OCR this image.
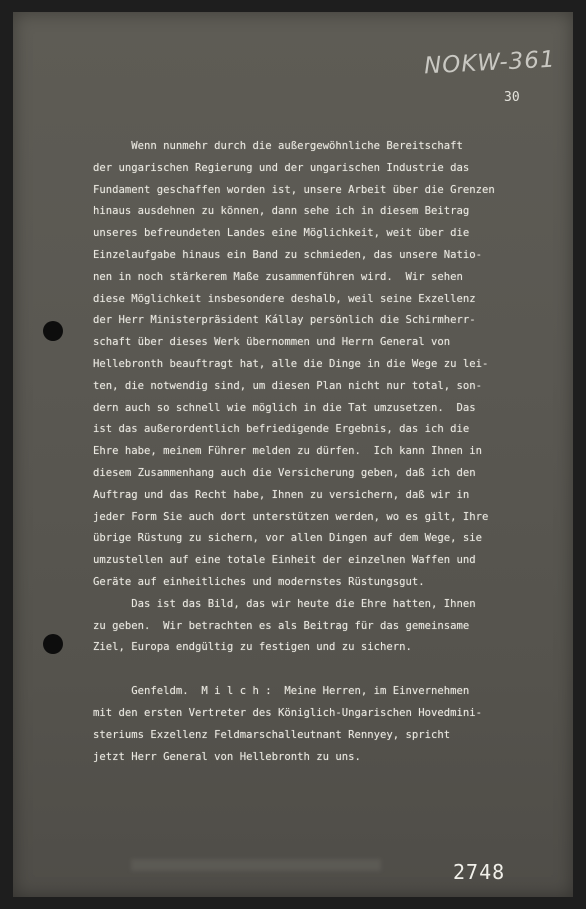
NOKW-361
30
Wenn nunmehr durch die außergewöhnliche Bereitschaft
der ungarischen Regierung und der ungarischen Industrie das
Fundament geschaffen worden ist, unsere Arbeit über die Grenzen
hinaus ausdehnen zu können, dann sehe ich in diesem Beitrag
unseres befreundeten Landes eine Möglichkeit, weit über die
Einzelaufgabe hinaus ein Band zu schmieden, das unsere Natio-
nen in noch stärkerem Maße zusammenführen wird.  Wir sehen
diese Möglichkeit insbesondere deshalb, weil seine Exzellenz
der Herr Ministerpräsident Kállay persönlich die Schirmherr-
schaft über dieses Werk übernommen und Herrn General von
Hellebronth beauftragt hat, alle die Dinge in die Wege zu lei-
ten, die notwendig sind, um diesen Plan nicht nur total, son-
dern auch so schnell wie möglich in die Tat umzusetzen.  Das
ist das außerordentlich befriedigende Ergebnis, das ich die
Ehre habe, meinem Führer melden zu dürfen.  Ich kann Ihnen in
diesem Zusammenhang auch die Versicherung geben, daß ich den
Auftrag und das Recht habe, Ihnen zu versichern, daß wir in
jeder Form Sie auch dort unterstützen werden, wo es gilt, Ihre
übrige Rüstung zu sichern, vor allen Dingen auf dem Wege, sie
umzustellen auf eine totale Einheit der einzelnen Waffen und
Geräte auf einheitliches und modernstes Rüstungsgut.
Das ist das Bild, das wir heute die Ehre hatten, Ihnen
zu geben.  Wir betrachten es als Beitrag für das gemeinsame
Ziel, Europa endgültig zu festigen und zu sichern.
Genfeldm.  M i l c h :  Meine Herren, im Einvernehmen
mit den ersten Vertreter des Königlich-Ungarischen Hovedmini-
steriums Exzellenz Feldmarschalleutnant Rennyey, spricht
jetzt Herr General von Hellebronth zu uns.
2748
